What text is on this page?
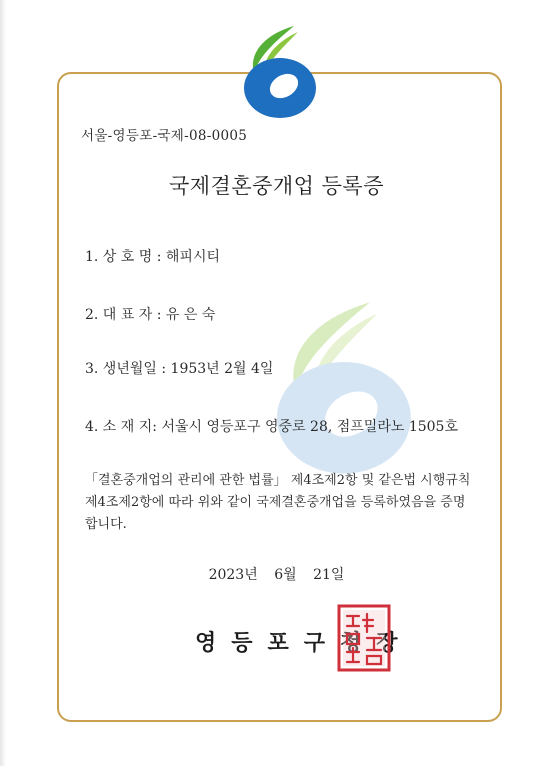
서울-영등포-국제-08-0005
국제결혼중개업 등록증
1. 상 호 명 : 해피시티
2. 대 표 자 : 유 은 숙
3. 생년월일 : 1953년 2월 4일
4. 소 재 지: 서울시 영등포구 영중로 28, 점프밀라노 1505호
「결혼중개업의 관리에 관한 법률」 제4조제2항 및 같은법 시행규칙
제4조제2항에 따라 위와 같이 국제결혼중개업을 등록하였음을 증명
합니다.
2023년 6월 21일
영등포구청장
